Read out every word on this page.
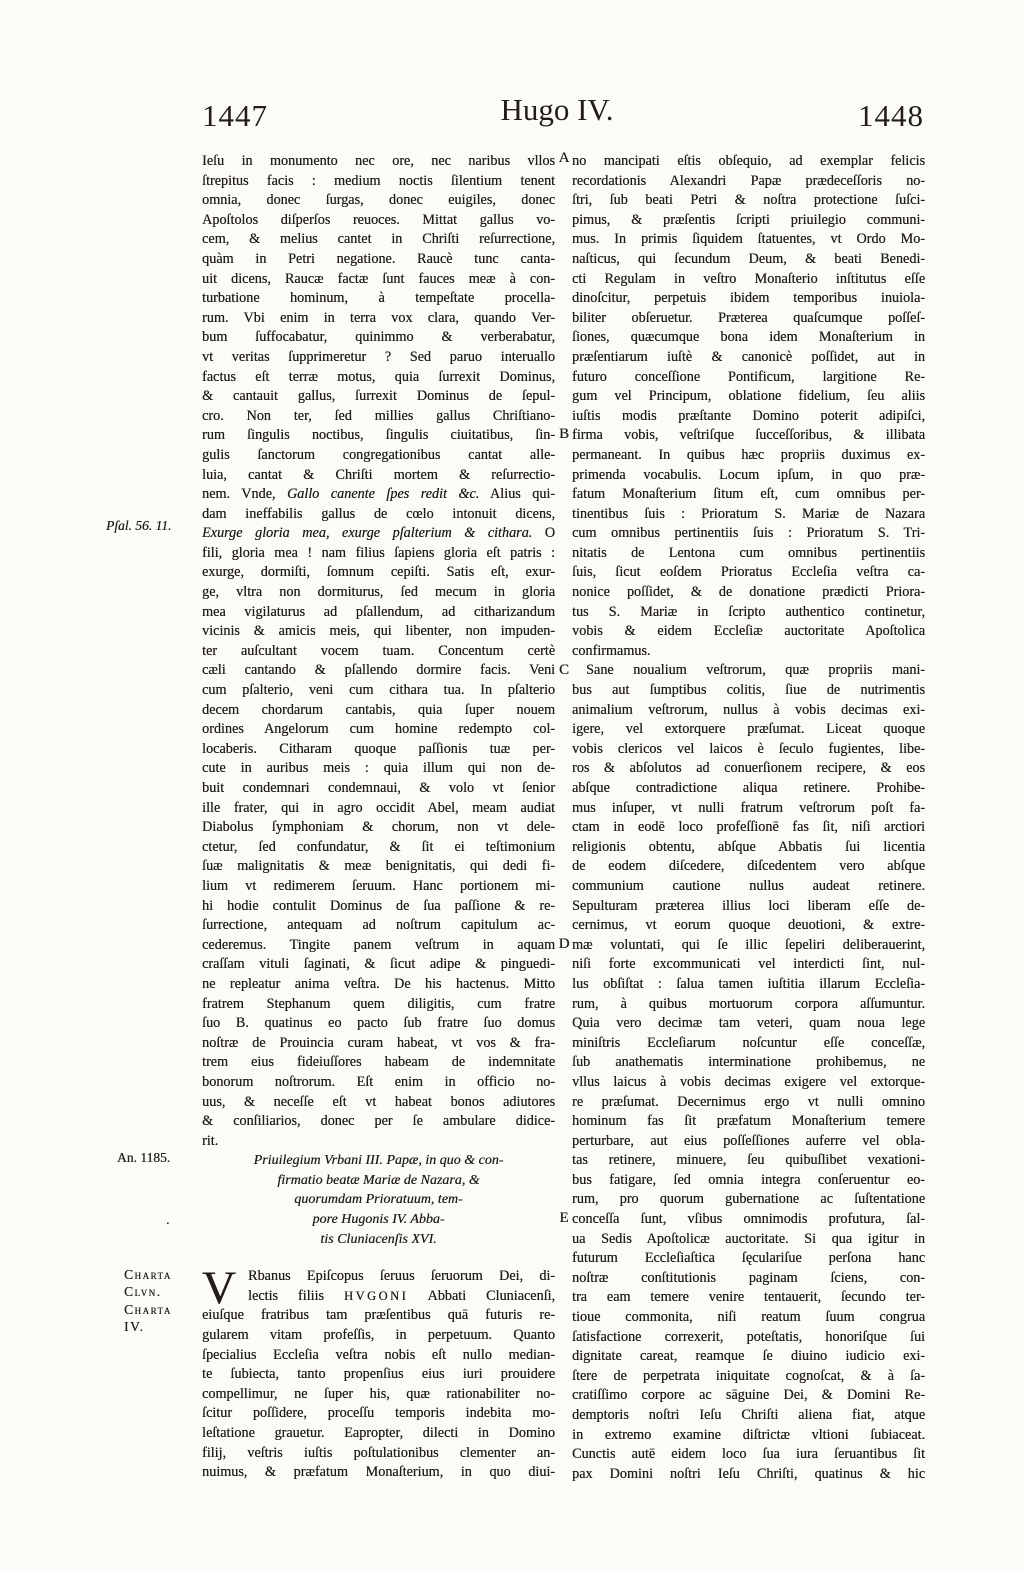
1447	Hugo IV.	1448
Pſal. 56. 11.
An. 1185.
.
Charta
Clvn.
Charta
IV.
A
B
C
D
E
Ieſu in monumento nec ore, nec naribus vllos
ſtrepitus facis : medium noctis ſilentium tenent
omnia, donec ſurgas, donec euigiles, donec
Apoſtolos diſperſos reuoces. Mittat gallus vo-
cem, & melius cantet in Chriſti reſurrectione,
quàm in Petri negatione. Raucè tunc canta-
uit dicens, Raucæ factæ ſunt fauces meæ à con-
turbatione hominum, à tempeſtate procella-
rum. Vbi enim in terra vox clara, quando Ver-
bum ſuffocabatur, quinimmo & verberabatur,
vt veritas ſupprimeretur ? Sed paruo interuallo
factus eſt terræ motus, quia ſurrexit Dominus,
& cantauit gallus, ſurrexit Dominus de ſepul-
cro. Non ter, ſed millies gallus Chriſtiano-
rum ſingulis noctibus, ſingulis ciuitatibus, ſin-
gulis ſanctorum congregationibus cantat alle-
luia, cantat & Chriſti mortem & reſurrectio-
nem. Vnde, Gallo canente ſpes redit &c. Alius qui-
dam ineffabilis gallus de cœlo intonuit dicens,
Exurge gloria mea, exurge pſalterium & cithara. O
fili, gloria mea ! nam filius ſapiens gloria eſt patris :
exurge, dormiſti, ſomnum cepiſti. Satis eſt, exur-
ge, vltra non dormiturus, ſed mecum in gloria
mea vigilaturus ad pſallendum, ad citharizandum
vicinis & amicis meis, qui libenter, non impuden-
ter auſcultant vocem tuam. Concentum certè
cæli cantando & pſallendo dormire facis. Veni
cum pſalterio, veni cum cithara tua. In pſalterio
decem chordarum cantabis, quia ſuper nouem
ordines Angelorum cum homine redempto col-
locaberis. Citharam quoque paſſionis tuæ per-
cute in auribus meis : quia illum qui non de-
buit condemnari condemnaui, & volo vt ſenior
ille frater, qui in agro occidit Abel, meam audiat
Diabolus ſymphoniam & chorum, non vt dele-
ctetur, ſed confundatur, & ſit ei teſtimonium
ſuæ malignitatis & meæ benignitatis, qui dedi fi-
lium vt redimerem ſeruum. Hanc portionem mi-
hi hodie contulit Dominus de ſua paſſione & re-
ſurrectione, antequam ad noſtrum capitulum ac-
cederemus. Tingite panem veſtrum in aquam
craſſam vituli ſaginati, & ſicut adipe & pinguedi-
ne repleatur anima veſtra. De his hactenus. Mitto
fratrem Stephanum quem diligitis, cum fratre
ſuo B. quatinus eo pacto ſub fratre ſuo domus
noſtræ de Prouincia curam habeat, vt vos & fra-
trem eius fideiuſſores habeam de indemnitate
bonorum noſtrorum. Eſt enim in officio no-
uus, & neceſſe eſt vt habeat bonos adiutores
& conſiliarios, donec per ſe ambulare didice-
rit.
Priuilegium Vrbani III. Papæ, in quo & con-
firmatio beatæ Mariæ de Nazara, &
quorumdam Prioratuum, tem-
pore Hugonis IV. Abba-
tis Cluniacenſis XVI.
V Rbanus Epiſcopus ſeruus ſeruorum Dei, di-
lectis filiis HVGONI Abbati Cluniacenſi,
eiuſque fratribus tam præſentibus quā futuris re-
gularem vitam profeſſis, in perpetuum. Quanto
ſpecialius Eccleſia veſtra nobis eſt nullo median-
te ſubiecta, tanto propenſius eius iuri prouidere
compellimur, ne ſuper his, quæ rationabiliter no-
ſcitur poſſidere, proceſſu temporis indebita mo-
leſtatione grauetur. Eapropter, dilecti in Domino
filij, veſtris iuſtis poſtulationibus clementer an-
nuimus, & præfatum Monaſterium, in quo diui-
no mancipati eſtis obſequio, ad exemplar felicis
recordationis Alexandri Papæ prædeceſſoris no-
ſtri, ſub beati Petri & noſtra protectione ſuſci-
pimus, & præſentis ſcripti priuilegio communi-
mus. In primis ſiquidem ſtatuentes, vt Ordo Mo-
naſticus, qui ſecundum Deum, & beati Benedi-
cti Regulam in veſtro Monaſterio inſtitutus eſſe
dinoſcitur, perpetuis ibidem temporibus inuiola-
biliter obſeruetur. Præterea quaſcumque poſſeſ-
ſiones, quæcumque bona idem Monaſterium in
præſentiarum iuſtè & canonicè poſſidet, aut in
futuro conceſſione Pontificum, largitione Re-
gum vel Principum, oblatione fidelium, ſeu aliis
iuſtis modis præſtante Domino poterit adipiſci,
firma vobis, veſtriſque ſucceſſoribus, & illibata
permaneant. In quibus hæc propriis duximus ex-
primenda vocabulis. Locum ipſum, in quo præ-
fatum Monaſterium ſitum eſt, cum omnibus per-
tinentibus ſuis : Prioratum S. Mariæ de Nazara
cum omnibus pertinentiis ſuis : Prioratum S. Tri-
nitatis de Lentona cum omnibus pertinentiis
ſuis, ſicut eoſdem Prioratus Eccleſia veſtra ca-
nonice poſſidet, & de donatione prædicti Priora-
tus S. Mariæ in ſcripto authentico continetur,
vobis & eidem Eccleſiæ auctoritate Apoſtolica
confirmamus.
Sane noualium veſtrorum, quæ propriis mani-
bus aut ſumptibus colitis, ſiue de nutrimentis
animalium veſtrorum, nullus à vobis decimas exi-
igere, vel extorquere præſumat. Liceat quoque
vobis clericos vel laicos è ſeculo fugientes, libe-
ros & abſolutos ad conuerſionem recipere, & eos
abſque contradictione aliqua retinere. Prohibe-
mus inſuper, vt nulli fratrum veſtrorum poſt fa-
ctam in eodē loco profeſſionē fas ſit, niſi arctiori
religionis obtentu, abſque Abbatis ſui licentia
de eodem diſcedere, diſcedentem vero abſque
communium cautione nullus audeat retinere.
Sepulturam præterea illius loci liberam eſſe de-
cernimus, vt eorum quoque deuotioni, & extre-
mæ voluntati, qui ſe illic ſepeliri deliberauerint,
niſi forte excommunicati vel interdicti ſint, nul-
lus obſiſtat : ſalua tamen iuſtitia illarum Eccleſia-
rum, à quibus mortuorum corpora aſſumuntur.
Quia vero decimæ tam veteri, quam noua lege
miniſtris Eccleſiarum noſcuntur eſſe conceſſæ,
ſub anathematis interminatione prohibemus, ne
vllus laicus à vobis decimas exigere vel extorque-
re præſumat. Decernimus ergo vt nulli omnino
hominum fas ſit præfatum Monaſterium temere
perturbare, aut eius poſſeſſiones auferre vel obla-
tas retinere, minuere, ſeu quibuſlibet vexationi-
bus fatigare, ſed omnia integra conſeruentur eo-
rum, pro quorum gubernatione ac ſuſtentatione
conceſſa ſunt, vſibus omnimodis profutura, ſal-
ua Sedis Apoſtolicæ auctoritate. Si qua igitur in
futurum Eccleſiaſtica ſęculariſue perſona hanc
noſtræ conſtitutionis paginam ſciens, con-
tra eam temere venire tentauerit, ſecundo ter-
tioue commonita, niſi reatum ſuum congrua
ſatisfactione correxerit, poteſtatis, honoriſque ſui
dignitate careat, reamque ſe diuino iudicio exi-
ſtere de perpetrata iniquitate cognoſcat, & à ſa-
cratiſſimo corpore ac sāguine Dei, & Domini Re-
demptoris noſtri Ieſu Chriſti aliena fiat, atque
in extremo examine diſtrictæ vltioni ſubiaceat.
Cunctis autē eidem loco ſua iura ſeruantibus ſit
pax Domini noſtri Ieſu Chriſti, quatinus & hic
